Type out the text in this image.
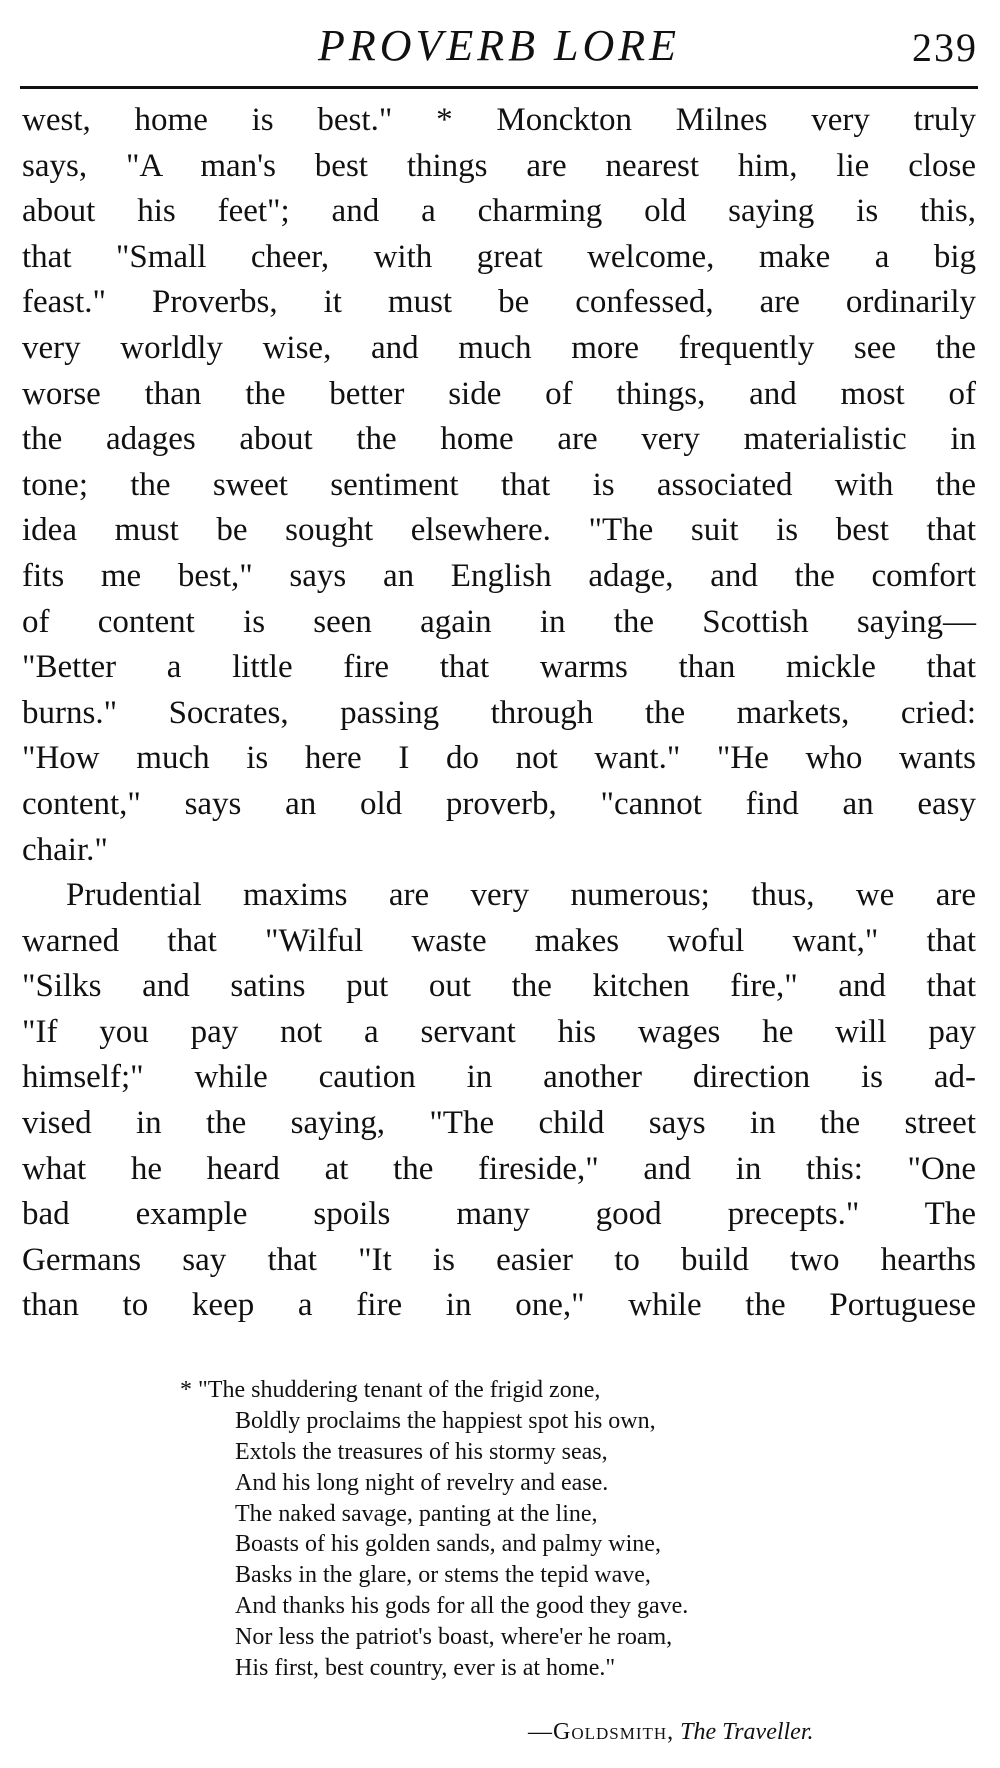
PROVERB LORE	239
west, home is best." * Monckton Milnes very truly
says, "A man's best things are nearest him, lie close
about his feet"; and a charming old saying is this,
that "Small cheer, with great welcome, make a big
feast." Proverbs, it must be confessed, are ordinarily
very worldly wise, and much more frequently see the
worse than the better side of things, and most of
the adages about the home are very materialistic in
tone; the sweet sentiment that is associated with the
idea must be sought elsewhere. "The suit is best that
fits me best," says an English adage, and the comfort
of content is seen again in the Scottish saying—
"Better a little fire that warms than mickle that
burns." Socrates, passing through the markets, cried:
"How much is here I do not want." "He who wants
content," says an old proverb, "cannot find an easy
chair."
Prudential maxims are very numerous; thus, we are
warned that "Wilful waste makes woful want," that
"Silks and satins put out the kitchen fire," and that
"If you pay not a servant his wages he will pay
himself;" while caution in another direction is ad-
vised in the saying, "The child says in the street
what he heard at the fireside," and in this: "One
bad example spoils many good precepts." The
Germans say that "It is easier to build two hearths
than to keep a fire in one," while the Portuguese
* "The shuddering tenant of the frigid zone,
Boldly proclaims the happiest spot his own,
Extols the treasures of his stormy seas,
And his long night of revelry and ease.
The naked savage, panting at the line,
Boasts of his golden sands, and palmy wine,
Basks in the glare, or stems the tepid wave,
And thanks his gods for all the good they gave.
Nor less the patriot's boast, where'er he roam,
His first, best country, ever is at home."
—Goldsmith, The Traveller.
